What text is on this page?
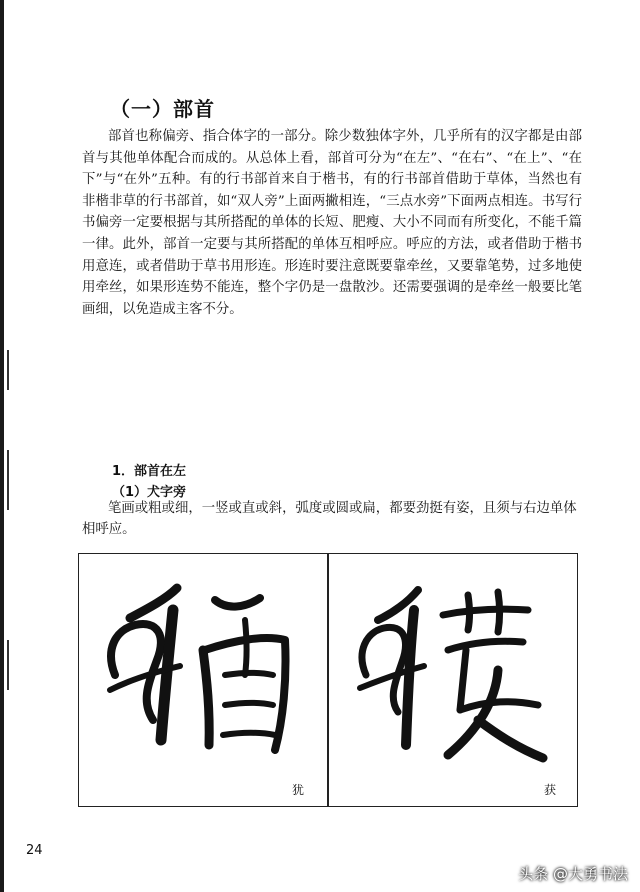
（一）部首
部首也称偏旁、指合体字的一部分。除少数独体字外，几乎所有的汉字都是由部首与其他单体配合而成的。从总体上看，部首可分为“在左”、“在右”、“在上”、“在下”与“在外”五种。有的行书部首来自于楷书，有的行书部首借助于草体，当然也有非楷非草的行书部首，如“双人旁”上面两撇相连，“三点水旁”下面两点相连。书写行书偏旁一定要根据与其所搭配的单体的长短、肥瘦、大小不同而有所变化，不能千篇一律。此外，部首一定要与其所搭配的单体互相呼应。呼应的方法，或者借助于楷书用意连，或者借助于草书用形连。形连时要注意既要靠牵丝，又要靠笔势，过多地使用牵丝，如果形连势不能连，整个字仍是一盘散沙。还需要强调的是牵丝一般要比笔画细，以免造成主客不分。
1．部首在左
（1）犬字旁
笔画或粗或细，一竖或直或斜，弧度或圆或扁，都要劲挺有姿，且须与右边单体相呼应。
犹	获
24
头条 @大勇书法
